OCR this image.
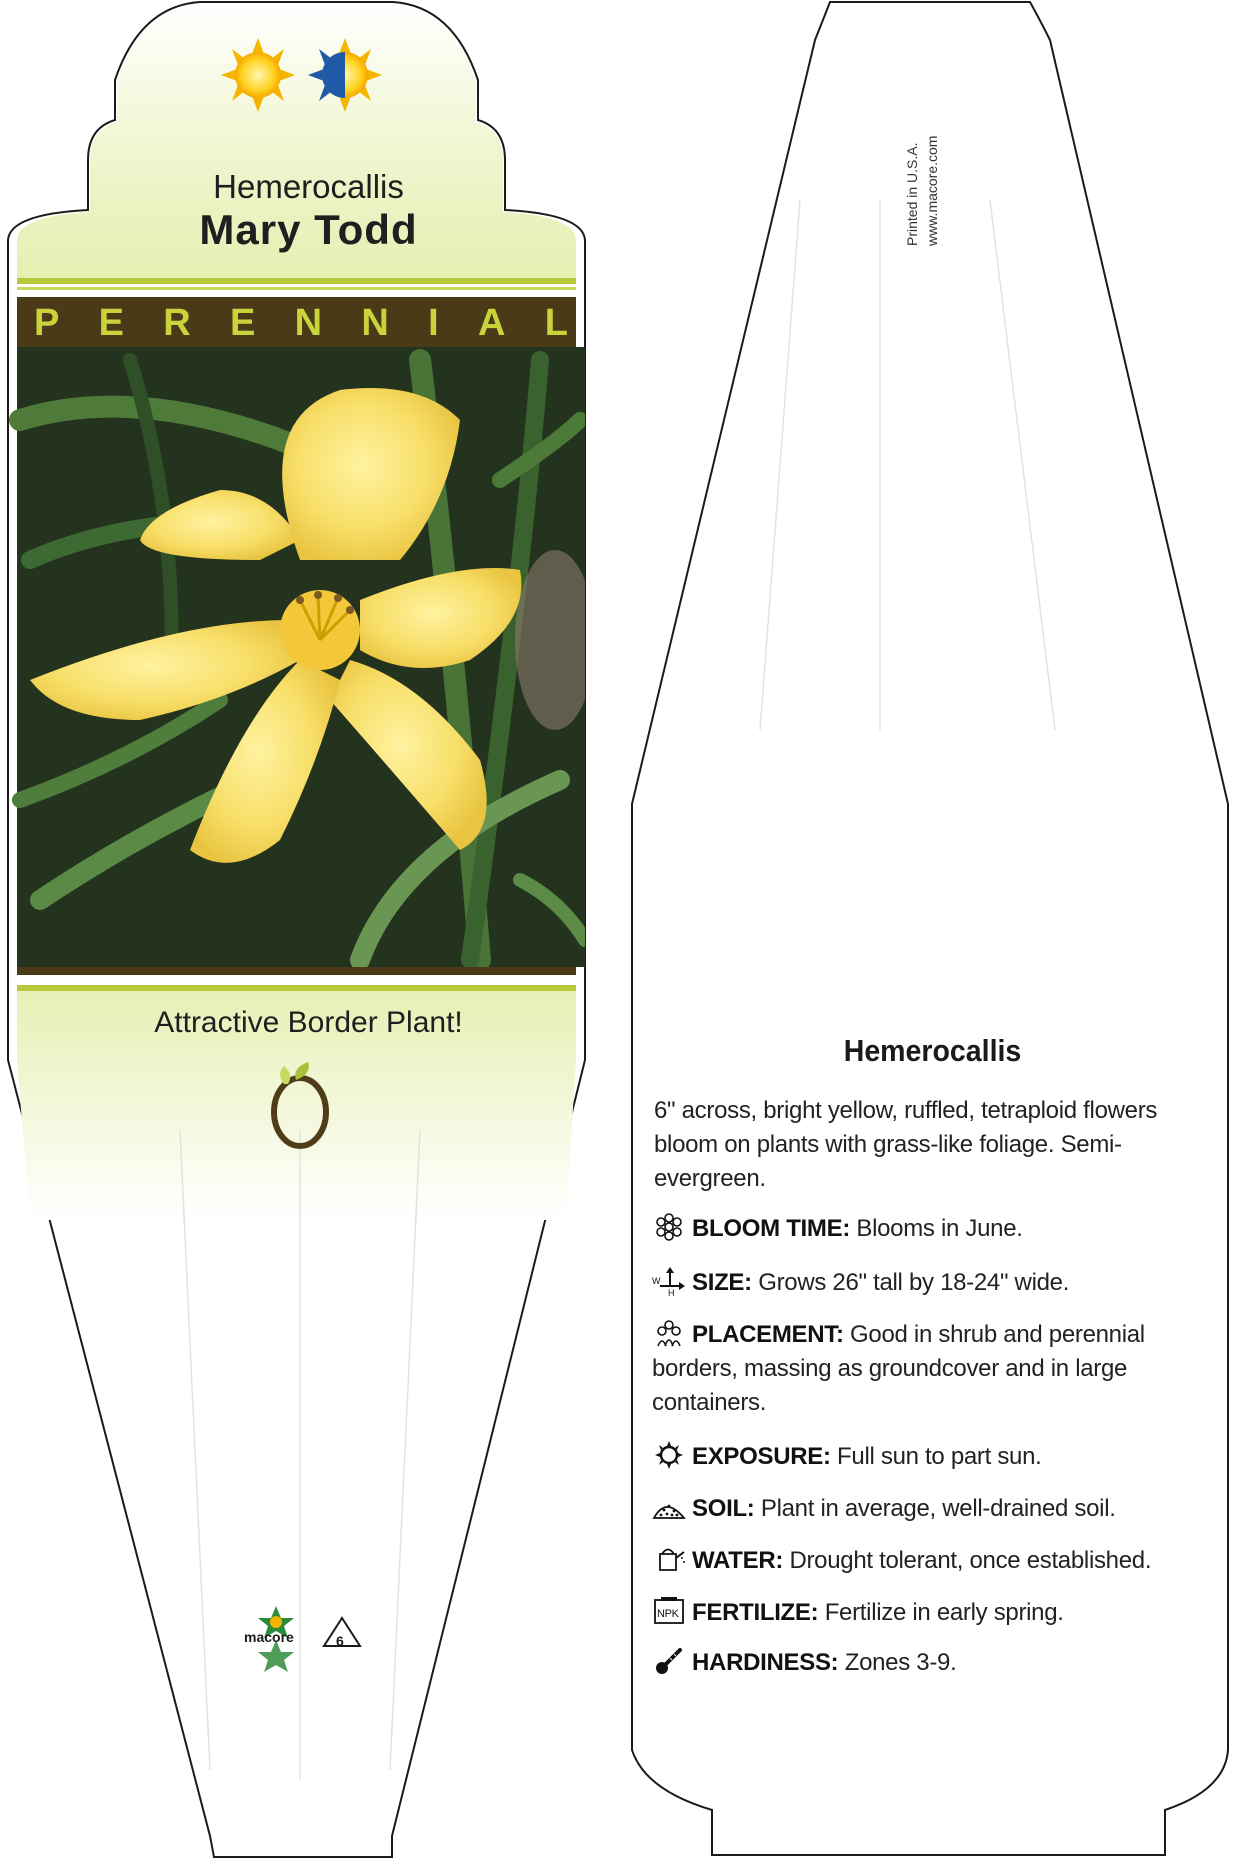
Hemerocallis
Mary Todd
P E R E N N I A L
Attractive Border Plant!
macore	6
Printed in U.S.A. www.macore.com
Hemerocallis
6" across, bright yellow, ruffled, tetraploid flowers bloom on plants with grass-like foliage. Semi-evergreen.
BLOOM TIME: Blooms in June.
W
H SIZE: Grows 26" tall by 18-24" wide.
PLACEMENT: Good in shrub and perennial borders, massing as groundcover and in large containers.
EXPOSURE: Full sun to part sun.
SOIL: Plant in average, well-drained soil.
WATER: Drought tolerant, once established.
NPK FERTILIZE: Fertilize in early spring.
HARDINESS: Zones 3-9.
